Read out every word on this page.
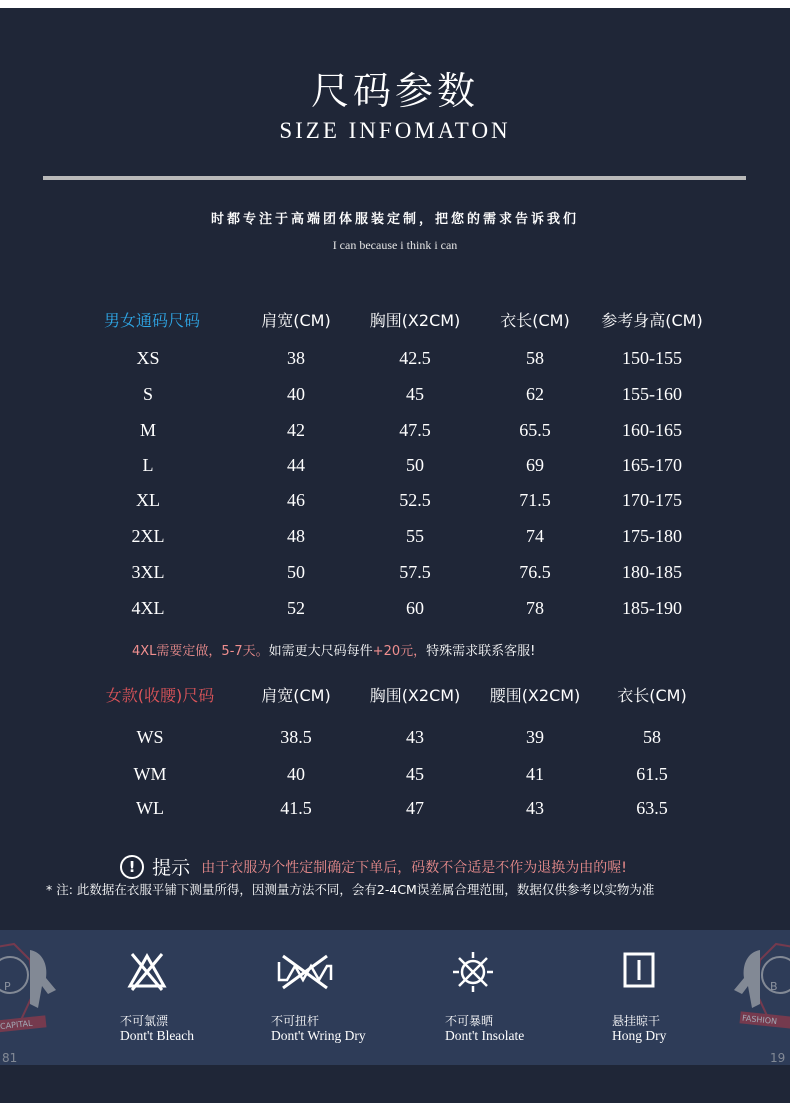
尺码参数
SIZE INFOMATON
时都专注于高端团体服装定制，把您的需求告诉我们
I can because i think i can
男女通码尺码	肩宽(CM)	胸围(X2CM)	衣长(CM)	参考身高(CM)
XS	38	42.5	58	150-155
S	40	45	62	155-160
M	42	47.5	65.5	160-165
L	44	50	69	165-170
XL	46	52.5	71.5	170-175
2XL	48	55	74	175-180
3XL	50	57.5	76.5	180-185
4XL	52	60	78	185-190
4XL需要定做，5-7天。如需更大尺码每件+20元，特殊需求联系客服!
女款(收腰)尺码	肩宽(CM)	胸围(X2CM)	腰围(X2CM)	衣长(CM)
WS	38.5	43	39	58
WM	40	45	41	61.5
WL	41.5	47	43	63.5
! 提示 由于衣服为个性定制确定下单后，码数不合适是不作为退换为由的喔!
* 注: 此数据在衣服平铺下测量所得，因测量方法不同，会有2-4CM误差属合理范围，数据仅供参考以实物为准
P
CAPITAL
81
B
FASHION
19
不可氯漂
Dont't Bleach
不可扭杆
Dont't Wring Dry
不可暴晒
Dont't Insolate
悬挂晾干
Hong Dry
